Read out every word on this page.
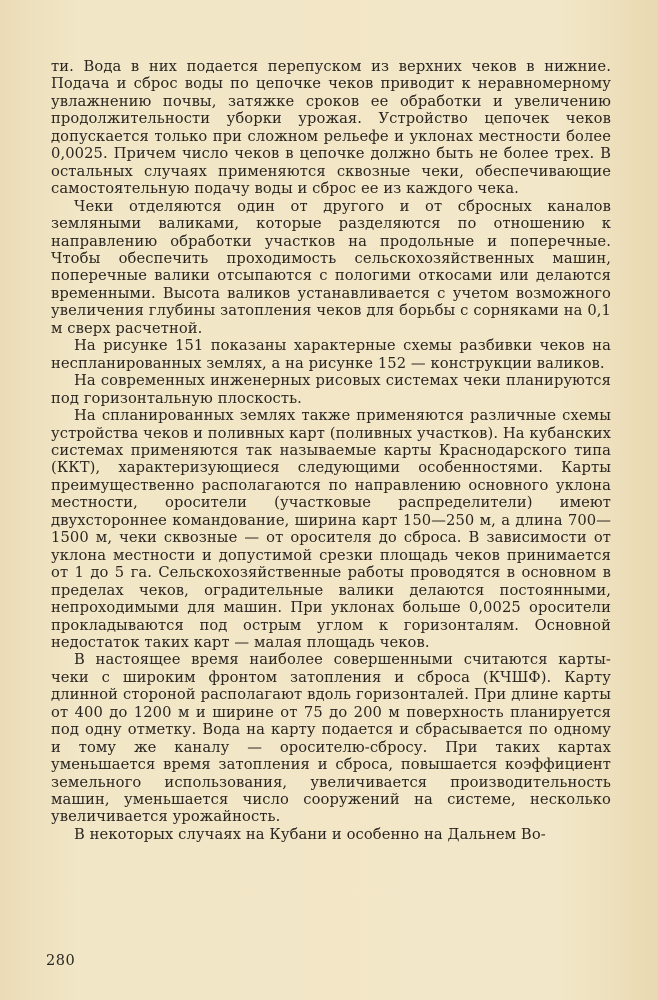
ти. Вода в них подается перепуском из верхних чеков в нижние. Подача и сброс воды по цепочке чеков приводит к неравномерному увлажнению почвы, затяжке сроков ее обработки и увеличению продолжительности уборки урожая. Устройство цепочек чеков допускается только при сложном рельефе и уклонах местности более 0,0025. Причем число чеков в цепочке должно быть не более трех. В остальных случаях применяются сквозные чеки, обеспечивающие самостоятельную подачу воды и сброс ее из каждого чека.

Чеки отделяются один от другого и от сбросных каналов земляными валиками, которые разделяются по отношению к направлению обработки участков на продольные и поперечные. Чтобы обеспечить проходимость сельскохозяйственных машин, поперечные валики отсыпаются с пологими откосами или делаются временными. Высота валиков устанавливается с учетом возможного увеличения глубины затопления чеков для борьбы с сорняками на 0,1 м сверх расчетной.

На рисунке 151 показаны характерные схемы разбивки чеков на неспланированных землях, а на рисунке 152 — конструкции валиков.

На современных инженерных рисовых системах чеки планируются под горизонтальную плоскость.

На спланированных землях также применяются различные схемы устройства чеков и поливных карт (поливных участков). На кубанских системах применяются так называемые карты Краснодарского типа (ККТ), характеризующиеся следующими особенностями. Карты преимущественно располагаются по направлению основного уклона местности, оросители (участковые распределители) имеют двухстороннее командование, ширина карт 150—250 м, а длина 700—1500 м, чеки сквозные — от оросителя до сброса. В зависимости от уклона местности и допустимой срезки площадь чеков принимается от 1 до 5 га. Сельскохозяйственные работы проводятся в основном в пределах чеков, оградительные валики делаются постоянными, непроходимыми для машин. При уклонах больше 0,0025 оросители прокладываются под острым углом к горизонталям. Основной недостаток таких карт — малая площадь чеков.

В настоящее время наиболее совершенными считаются карты-чеки с широким фронтом затопления и сброса (КЧШФ). Карту длинной стороной располагают вдоль горизонталей. При длине карты от 400 до 1200 м и ширине от 75 до 200 м поверхность планируется под одну отметку. Вода на карту подается и сбрасывается по одному и тому же каналу — оросителю-сбросу. При таких картах уменьшается время затопления и сброса, повышается коэффициент земельного использования, увеличивается производительность машин, уменьшается число сооружений на системе, несколько увеличивается урожайность.

В некоторых случаях на Кубани и особенно на Дальнем Во-

280
